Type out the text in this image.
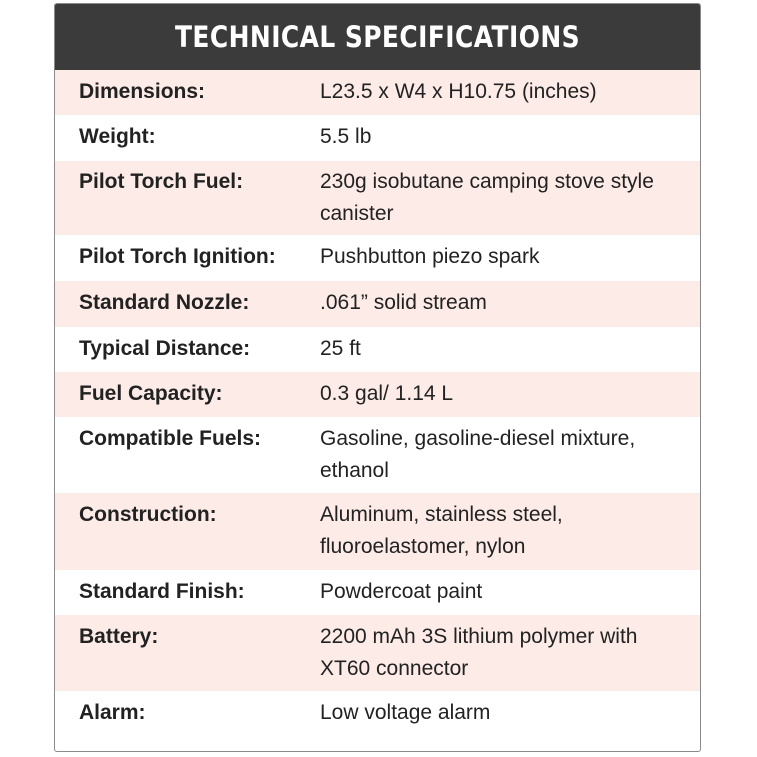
TECHNICAL SPECIFICATIONS
Dimensions:	L23.5 x W4 x H10.75 (inches)
Weight:	5.5 lb
Pilot Torch Fuel:	230g isobutane camping stove style canister
Pilot Torch Ignition:	Pushbutton piezo spark
Standard Nozzle:	.061” solid stream
Typical Distance:	25 ft
Fuel Capacity:	0.3 gal/ 1.14 L
Compatible Fuels:	Gasoline, gasoline-diesel mixture, ethanol
Construction:	Aluminum, stainless steel, fluoroelastomer, nylon
Standard Finish:	Powdercoat paint
Battery:	2200 mAh 3S lithium polymer with XT60 connector
Alarm:	Low voltage alarm
